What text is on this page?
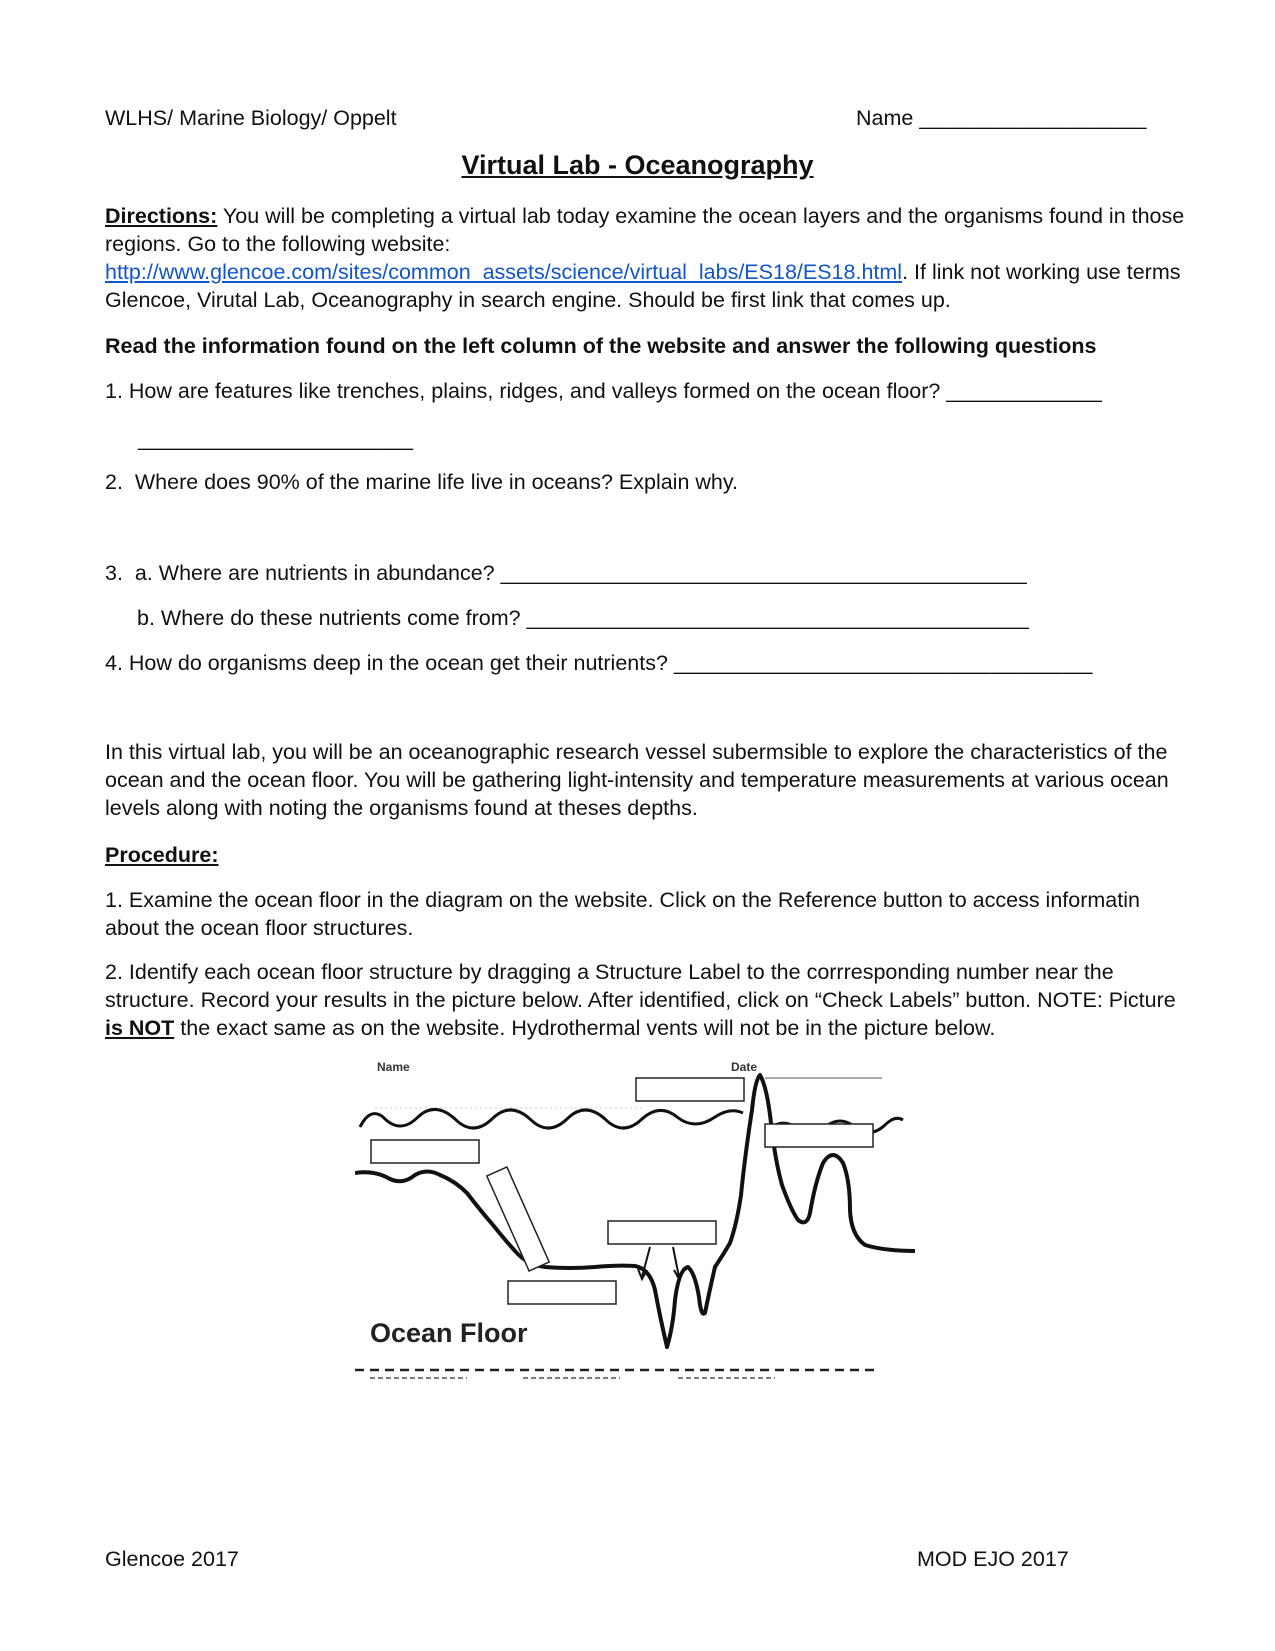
WLHS/ Marine Biology/ Oppelt	Name ___________________
Virtual Lab - Oceanography
Directions: You will be completing a virtual lab today examine the ocean layers and the organisms found in those regions. Go to the following website: http://www.glencoe.com/sites/common_assets/science/virtual_labs/ES18/ES18.html. If link not working use terms Glencoe, Virutal Lab, Oceanography in search engine. Should be first link that comes up.
Read the information found on the left column of the website and answer the following questions
1. How are features like trenches, plains, ridges, and valleys formed on the ocean floor? _____________
_______________________
2.  Where does 90% of the marine life live in oceans? Explain why.
3.  a. Where are nutrients in abundance? ____________________________________________
b. Where do these nutrients come from? __________________________________________
4. How do organisms deep in the ocean get their nutrients? ___________________________________
In this virtual lab, you will be an oceanographic research vessel subermsible to explore the characteristics of the ocean and the ocean floor. You will be gathering light-intensity and temperature measurements at various ocean levels along with noting the organisms found at theses depths.
Procedure:
1. Examine the ocean floor in the diagram on the website. Click on the Reference button to access informatin about the ocean floor structures.
2. Identify each ocean floor structure by dragging a Structure Label to the corrresponding number near the structure. Record your results in the picture below. After identified, click on “Check Labels” button. NOTE: Picture is NOT the exact same as on the website. Hydrothermal vents will not be in the picture below.
Name	Date
Ocean Floor
Glencoe 2017	MOD EJO 2017
